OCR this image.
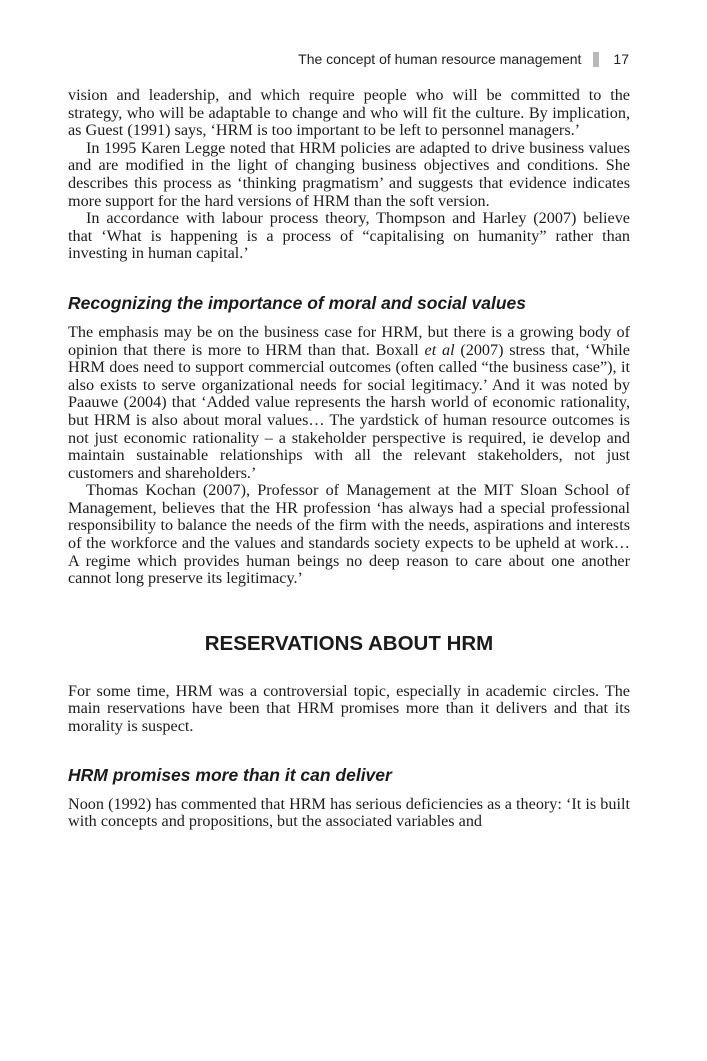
The concept of human resource management 17

vision and leadership, and which require people who will be committed to the strategy, who will be adaptable to change and who will fit the culture. By implication, as Guest (1991) says, ‘HRM is too important to be left to personnel managers.’

In 1995 Karen Legge noted that HRM policies are adapted to drive business values and are modified in the light of changing business objectives and conditions. She describes this process as ‘thinking pragmatism’ and suggests that evidence indicates more support for the hard versions of HRM than the soft version.

In accordance with labour process theory, Thompson and Harley (2007) believe that ‘What is happening is a process of “capitalising on humanity” rather than investing in human capital.’

Recognizing the importance of moral and social values

The emphasis may be on the business case for HRM, but there is a growing body of opinion that there is more to HRM than that. Boxall et al (2007) stress that, ‘While HRM does need to support commercial outcomes (often called “the business case”), it also exists to serve organizational needs for social legitimacy.’ And it was noted by Paauwe (2004) that ‘Added value represents the harsh world of economic rationality, but HRM is also about moral values… The yardstick of human resource outcomes is not just economic rationality – a stakeholder perspective is required, ie develop and maintain sustainable relationships with all the relevant stakeholders, not just customers and shareholders.’

Thomas Kochan (2007), Professor of Management at the MIT Sloan School of Management, believes that the HR profession ‘has always had a special professional responsibility to balance the needs of the firm with the needs, aspirations and interests of the workforce and the values and standards society expects to be upheld at work… A regime which provides human beings no deep reason to care about one another cannot long preserve its legitimacy.’

RESERVATIONS ABOUT HRM

For some time, HRM was a controversial topic, especially in academic circles. The main reservations have been that HRM promises more than it delivers and that its morality is suspect.

HRM promises more than it can deliver

Noon (1992) has commented that HRM has serious deficiencies as a theory: ‘It is built with concepts and propositions, but the associated variables and
